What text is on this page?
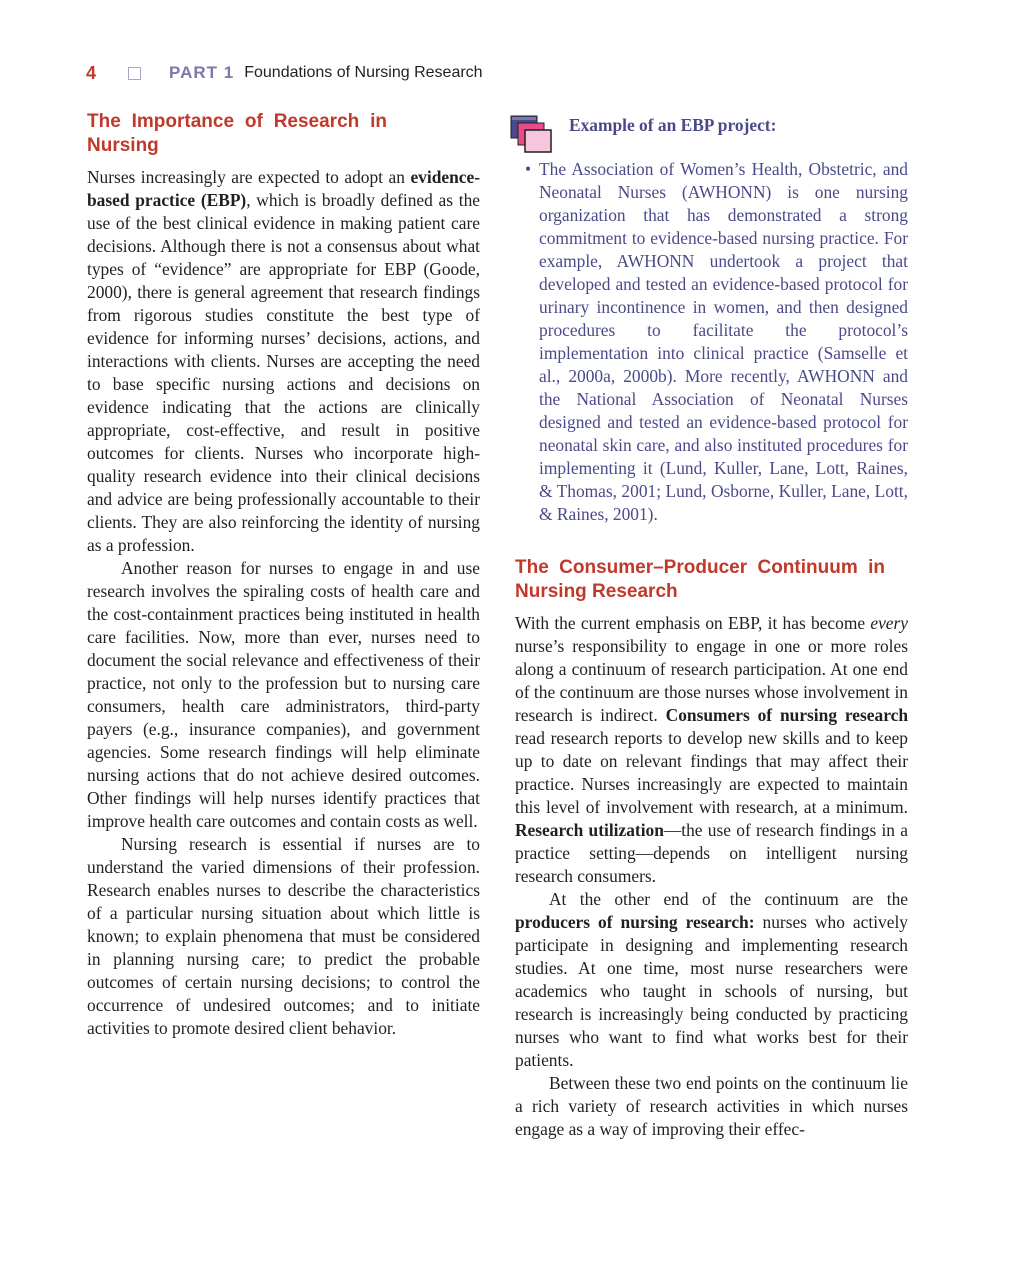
4	PART 1 Foundations of Nursing Research
The Importance of Research in Nursing

Nurses increasingly are expected to adopt an evidence-based practice (EBP), which is broadly defined as the use of the best clinical evidence in making patient care decisions. Although there is not a consensus about what types of “evidence” are appropriate for EBP (Goode, 2000), there is general agreement that research findings from rigorous studies constitute the best type of evidence for informing nurses’ decisions, actions, and interactions with clients. Nurses are accepting the need to base specific nursing actions and decisions on evidence indicating that the actions are clinically appropriate, cost-effective, and result in positive outcomes for clients. Nurses who incorporate high-quality research evidence into their clinical decisions and advice are being professionally accountable to their clients. They are also reinforcing the identity of nursing as a profession.

Another reason for nurses to engage in and use research involves the spiraling costs of health care and the cost-containment practices being instituted in health care facilities. Now, more than ever, nurses need to document the social relevance and effectiveness of their practice, not only to the profession but to nursing care consumers, health care administrators, third-party payers (e.g., insurance companies), and government agencies. Some research findings will help eliminate nursing actions that do not achieve desired outcomes. Other findings will help nurses identify practices that improve health care outcomes and contain costs as well.

Nursing research is essential if nurses are to understand the varied dimensions of their profession. Research enables nurses to describe the characteristics of a particular nursing situation about which little is known; to explain phenomena that must be considered in planning nursing care; to predict the probable outcomes of certain nursing decisions; to control the occurrence of undesired outcomes; and to initiate activities to promote desired client behavior.

Example of an EBP project:
• The Association of Women’s Health, Obstetric, and Neonatal Nurses (AWHONN) is one nursing organization that has demonstrated a strong commitment to evidence-based nursing practice. For example, AWHONN undertook a project that developed and tested an evidence-based protocol for urinary incontinence in women, and then designed procedures to facilitate the protocol’s implementation into clinical practice (Samselle et al., 2000a, 2000b). More recently, AWHONN and the National Association of Neonatal Nurses designed and tested an evidence-based protocol for neonatal skin care, and also instituted procedures for implementing it (Lund, Kuller, Lane, Lott, Raines, & Thomas, 2001; Lund, Osborne, Kuller, Lane, Lott, & Raines, 2001).

The Consumer–Producer Continuum in Nursing Research

With the current emphasis on EBP, it has become every nurse’s responsibility to engage in one or more roles along a continuum of research participation. At one end of the continuum are those nurses whose involvement in research is indirect. Consumers of nursing research read research reports to develop new skills and to keep up to date on relevant findings that may affect their practice. Nurses increasingly are expected to maintain this level of involvement with research, at a minimum. Research utilization—the use of research findings in a practice setting—depends on intelligent nursing research consumers.

At the other end of the continuum are the producers of nursing research: nurses who actively participate in designing and implementing research studies. At one time, most nurse researchers were academics who taught in schools of nursing, but research is increasingly being conducted by practicing nurses who want to find what works best for their patients.

Between these two end points on the continuum lie a rich variety of research activities in which nurses engage as a way of improving their effec-
